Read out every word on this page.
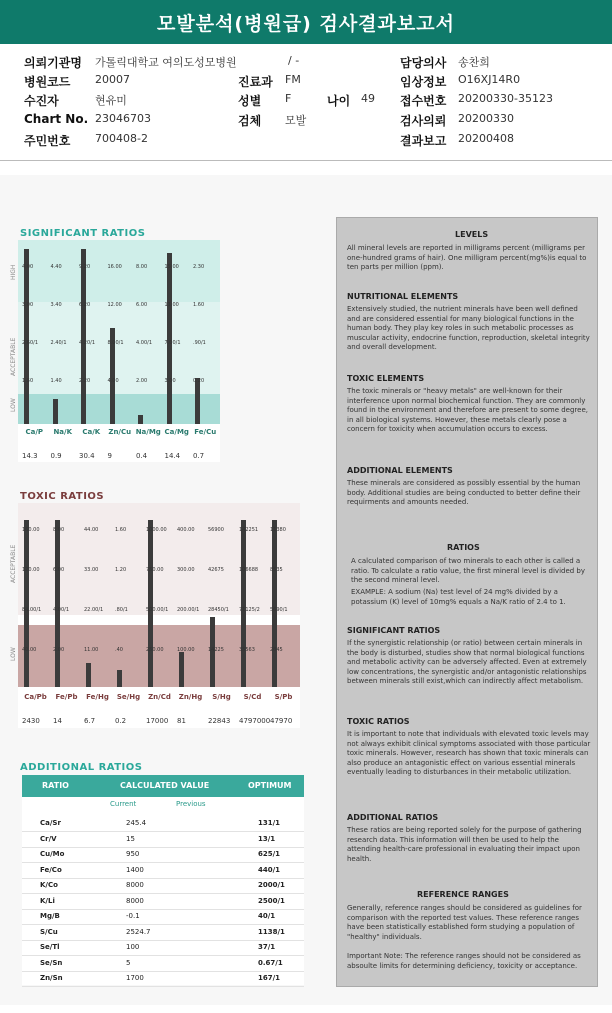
모발분석(병원급) 검사결과보고서
의뢰기관명 가톨릭대학교 여의도성모병원	/ -	담당의사 송찬희
병원코드 20007	진료과 FM	임상정보 O16XJ14R0
수진자	현유미	성별 F	나이 49 접수번호 20200330-35123
Chart No. 23046703	검체 모발	검사의뢰 20200330
주민번호 700408-2	결과보고 20200408
SIGNIFICANT RATIOS
HIGH
ACCEPTABLE
LOW
4.00
3.00
2.60/1
1.50
Ca/P
14.3
4.40
3.40
2.40/1
1.40
Na/K
0.9
9.20
6.20
4.20/1
2.20
Ca/K
30.4
16.00
12.00
8.00/1
4.00
Zn/Cu
9
8.00
6.00
4.00/1
2.00
Na/Mg
0.4
15.00
11.00
7.00/1
3.00
Ca/Mg
14.4
2.30
1.60
.90/1
0.20
Fe/Cu
0.7
TOXIC RATIOS
ACCEPTABLE
LOW
160.00
120.00
84.00/1
40.00
Ca/Pb
2430
8.00
6.00
4.00/1
2.00
Fe/Pb
14
44.00
33.00
22.00/1
11.00
Fe/Hg
6.7
1.60
1.20
.80/1
.40
Se/Hg
0.2
1000.00
750.00
500.00/1
250.00
Zn/Cd
17000
400.00
300.00
200.00/1
100.00
Zn/Hg
81
56900
42675
28450/1
14225
S/Hg
22843
142251
106688
71125/2
35563
S/Cd
4797000
11380
8535
5690/1
2845
S/Pb
47970
ADDITIONAL RATIOS
RATIO	CALCULATED VALUE	OPTIMUM
Current	Previous
Ca/Sr	245.4	131/1
Cr/V	15	13/1
Cu/Mo	950	625/1
Fe/Co	1400	440/1
K/Co	8000	2000/1
K/Li	8000	2500/1
Mg/B	-0.1	40/1
S/Cu	2524.7	1138/1
Se/Tl	100	37/1
Se/Sn	5	0.67/1
Zn/Sn	1700	167/1
LEVELS
All mineral levels are reported in milligrams percent (milligrams per one-hundred grams of hair). One milligram percent(mg%)is equal to ten parts per million (ppm).
NUTRITIONAL ELEMENTS
Extensively studied, the nutrient minerals have been well defined and are considered essential for many biological functions in the human body. They play key roles in such metabolic processes as muscular activity, endocrine function, reproduction, skeletal integrity and overall development.
TOXIC ELEMENTS
The toxic minerals or "heavy metals" are well-known for their interference upon normal biochemical function. They are commonly found in the environment and therefore are present to some degree, in all biological systems. However, these metals clearly pose a concern for toxicity when accumulation occurs to excess.
ADDITIONAL ELEMENTS
These minerals are considered as possibly essential by the human body. Additional studies are being conducted to better define their requirments and amounts needed.
RATIOS
A calculated comparison of two minerals to each other is called a ratio. To calculate a ratio value, the first mineral level is divided by the second mineral level.
EXAMPLE: A sodium (Na) test level of 24 mg% divided by a potassium (K) level of 10mg% equals a Na/K ratio of 2.4 to 1.
SIGNIFICANT RATIOS
If the synergistic relationship (or ratio) between certain minerals in the body is disturbed, studies show that normal biological functions and metabolic activity can be adversely affected. Even at extremely low concentrations, the synergistic and/or antagonistic relationships between minerals still exist,which can indirectly affect metabolism.
TOXIC RATIOS
It is important to note that individuals with elevated toxic levels may not always exhibit clinical symptoms associated with those particular toxic minerals. However, research has shown that toxic minerals can also produce an antagonistic effect on various essential minerals eventually leading to disturbances in their metabolic utilization.
ADDITIONAL RATIOS
These ratios are being reported solely for the purpose of gathering research data. This information will then be used to help the attending health-care professional in evaluating their impact upon health.
REFERENCE RANGES
Generally, reference ranges should be considered as guidelines for comparison with the reported test values. These reference ranges have been statistically established form studying a population of "healthy" individuals.
Important Note: The reference ranges should not be considered as absoulte limits for determining deficiency, toxicity or acceptance.
